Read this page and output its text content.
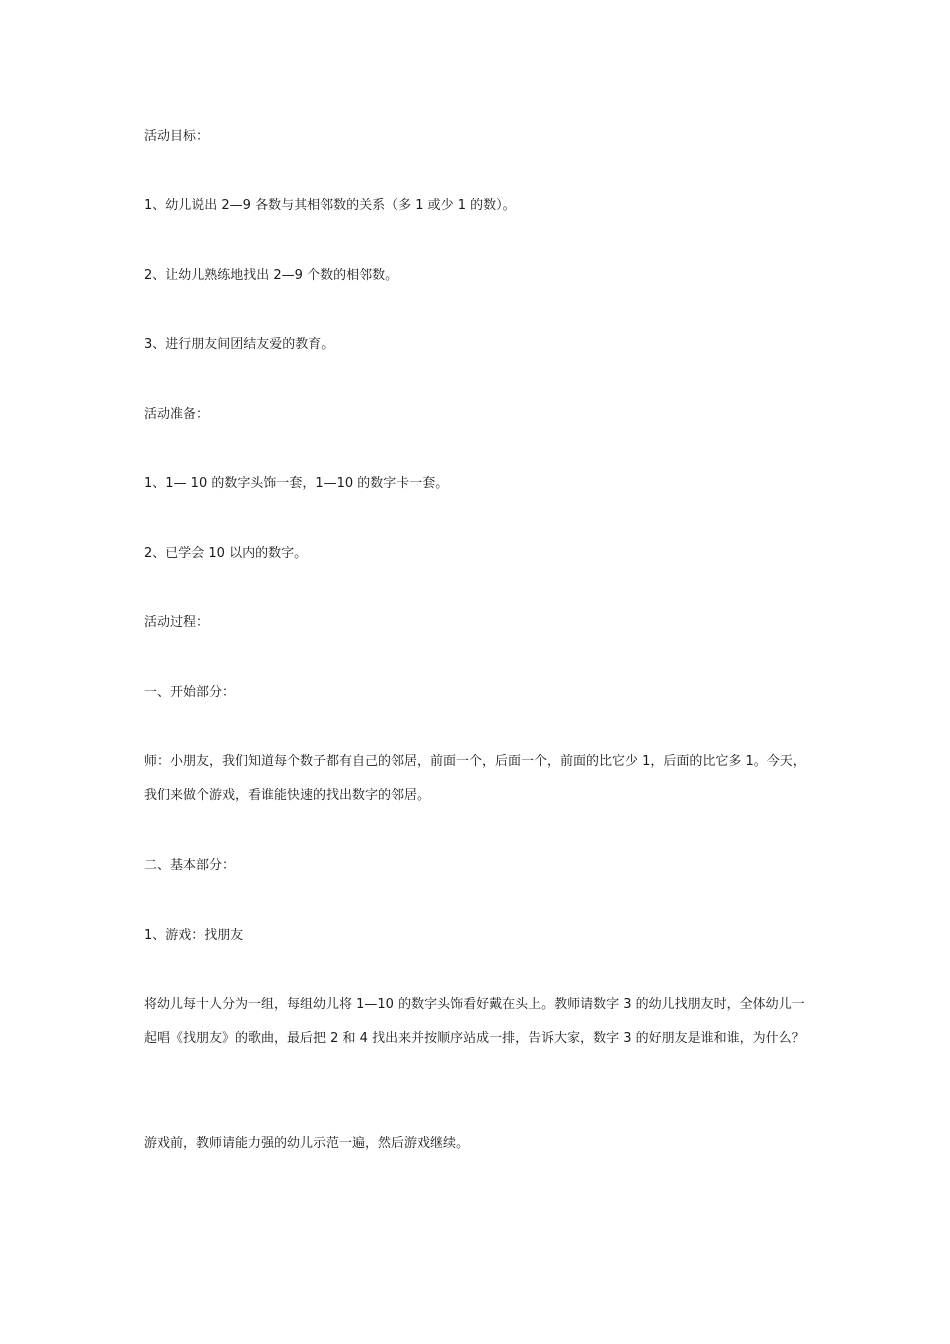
活动目标：
1、幼儿说出 2—9 各数与其相邻数的关系（多 1 或少 1 的数）。
2、让幼儿熟练地找出 2—9 个数的相邻数。
3、进行朋友间团结友爱的教育。
活动准备：
1、1— 10 的数字头饰一套，1—10 的数字卡一套。
2、已学会 10 以内的数字。
活动过程：
一、开始部分：
师：小朋友，我们知道每个数子都有自己的邻居，前面一个，后面一个，前面的比它少 1，后面的比它多 1。今天，我们来做个游戏，看谁能快速的找出数字的邻居。
二、基本部分：
1、游戏：找朋友
将幼儿每十人分为一组，每组幼儿将 1—10 的数字头饰看好戴在头上。教师请数字 3 的幼儿找朋友时，全体幼儿一起唱《找朋友》的歌曲，最后把 2 和 4 找出来并按顺序站成一排，告诉大家，数字 3 的好朋友是谁和谁，为什么？
游戏前，教师请能力强的幼儿示范一遍，然后游戏继续。
